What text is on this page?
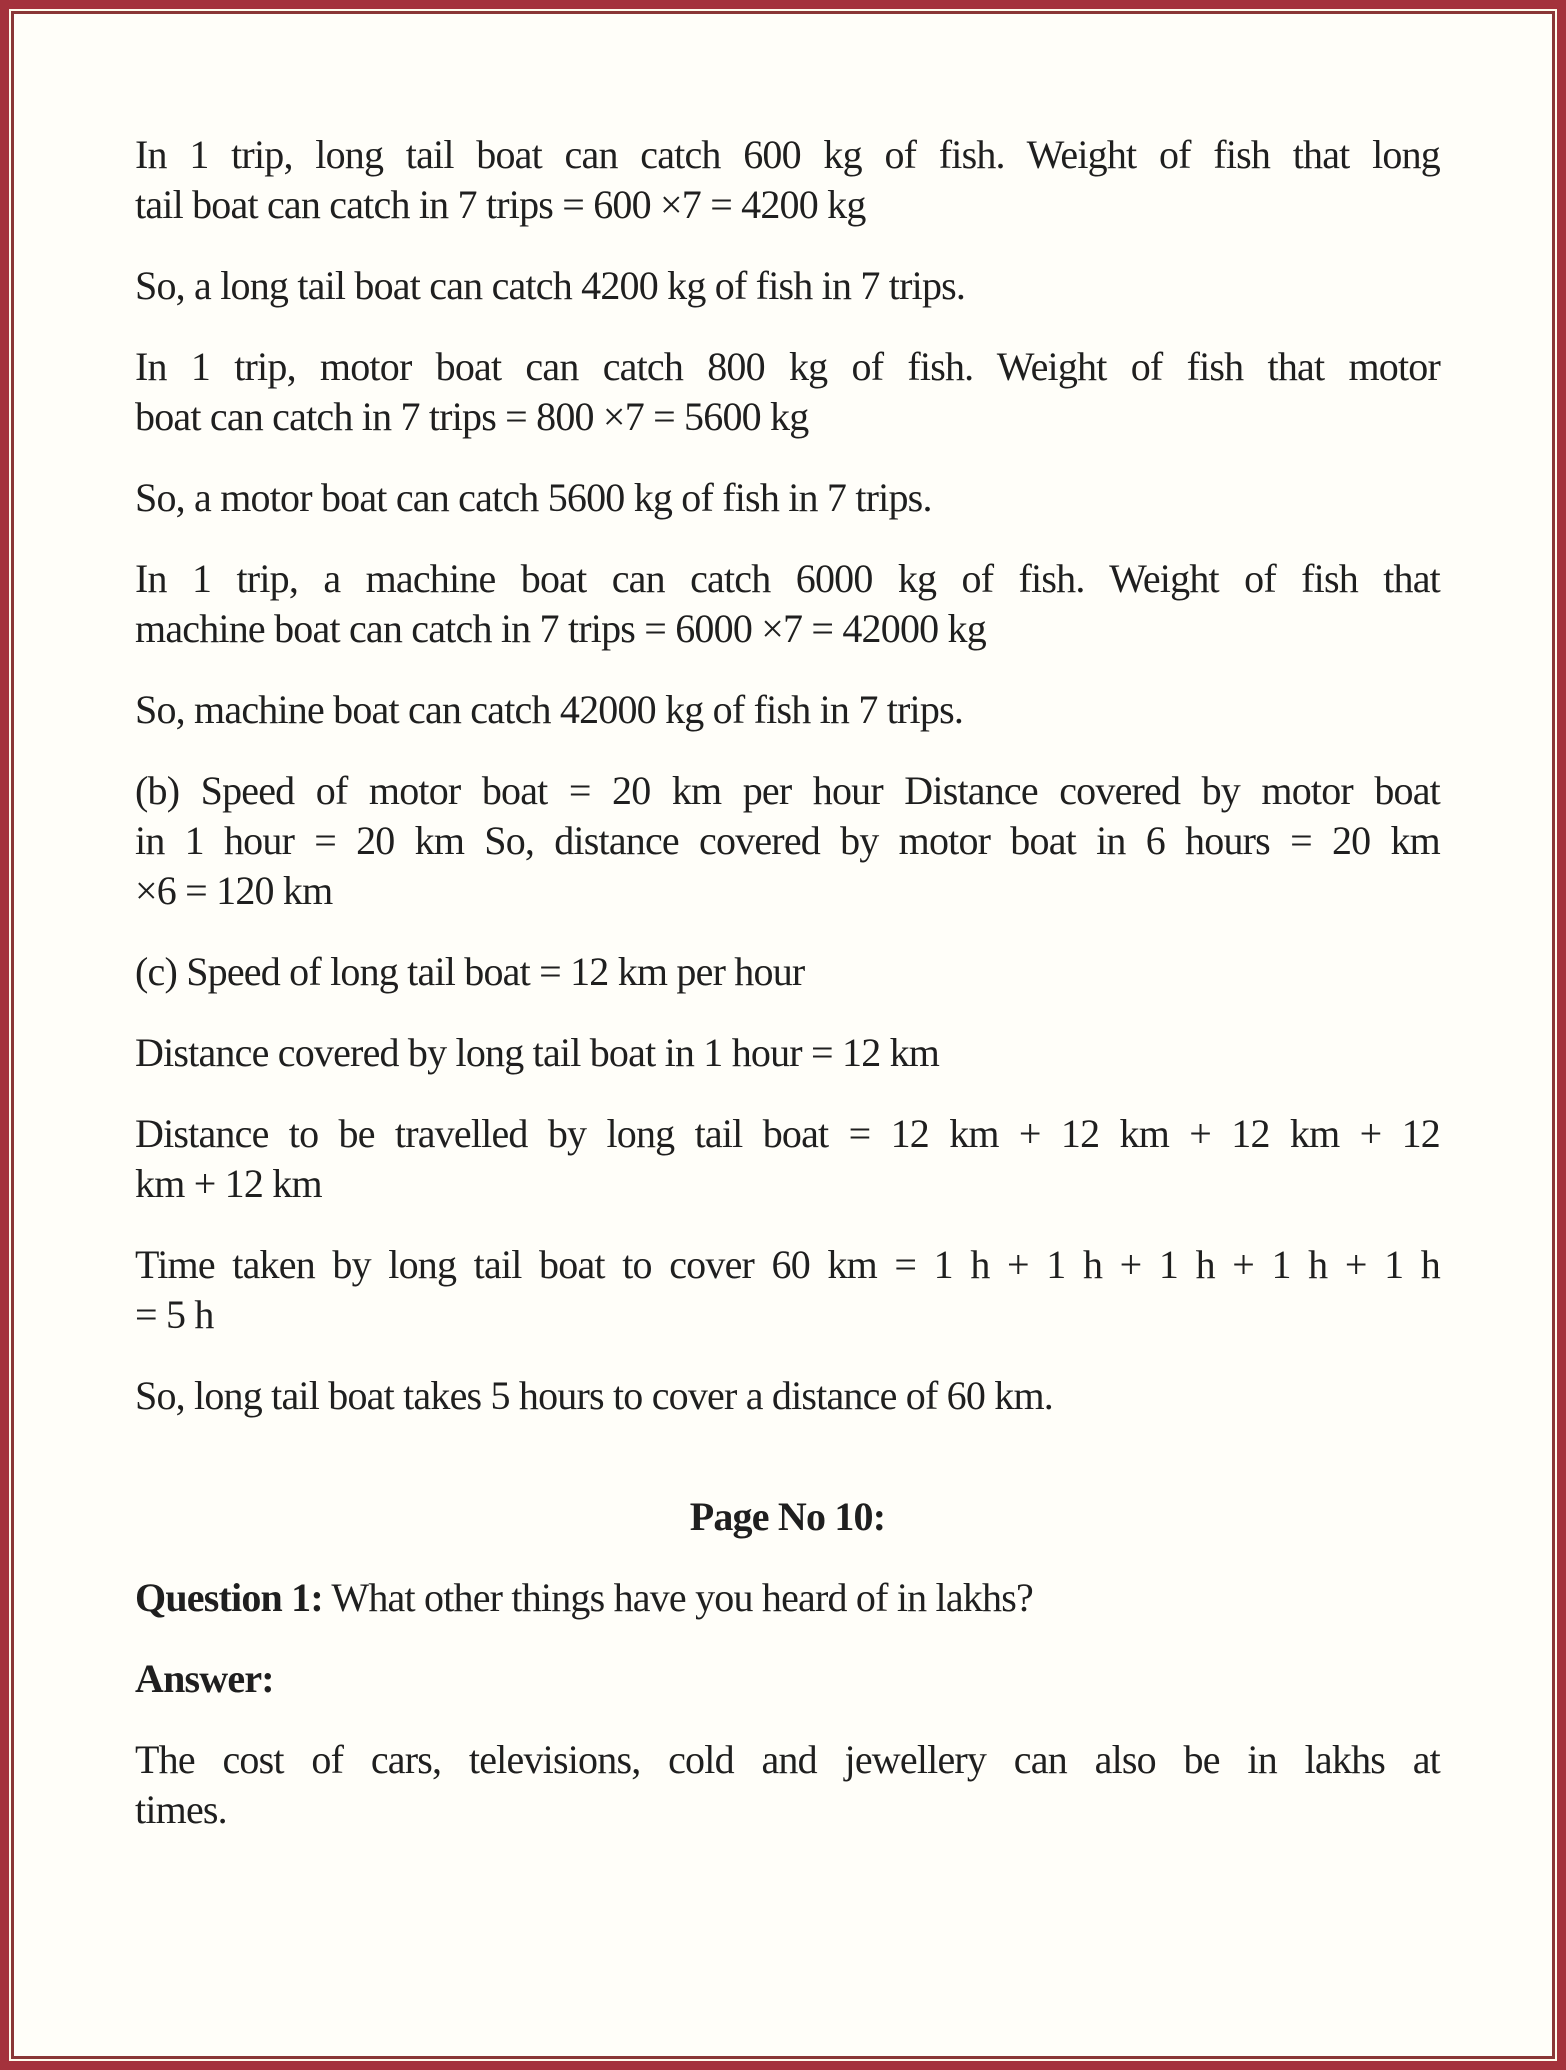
In 1 trip, long tail boat can catch 600 kg of fish. Weight of fish that long
tail boat can catch in 7 trips = 600 ×7 = 4200 kg
So, a long tail boat can catch 4200 kg of fish in 7 trips.
In 1 trip, motor boat can catch 800 kg of fish. Weight of fish that motor
boat can catch in 7 trips = 800 ×7 = 5600 kg
So, a motor boat can catch 5600 kg of fish in 7 trips.
In 1 trip, a machine boat can catch 6000 kg of fish. Weight of fish that
machine boat can catch in 7 trips = 6000 ×7 = 42000 kg
So, machine boat can catch 42000 kg of fish in 7 trips.
(b) Speed of motor boat = 20 km per hour Distance covered by motor boat
in 1 hour = 20 km So, distance covered by motor boat in 6 hours = 20 km
×6 = 120 km
(c) Speed of long tail boat = 12 km per hour
Distance covered by long tail boat in 1 hour = 12 km
Distance to be travelled by long tail boat = 12 km + 12 km + 12 km + 12
km + 12 km
Time taken by long tail boat to cover 60 km = 1 h + 1 h + 1 h + 1 h + 1 h
= 5 h
So, long tail boat takes 5 hours to cover a distance of 60 km.
Page No 10:
Question 1: What other things have you heard of in lakhs?
Answer:
The cost of cars, televisions, cold and jewellery can also be in lakhs at
times.
